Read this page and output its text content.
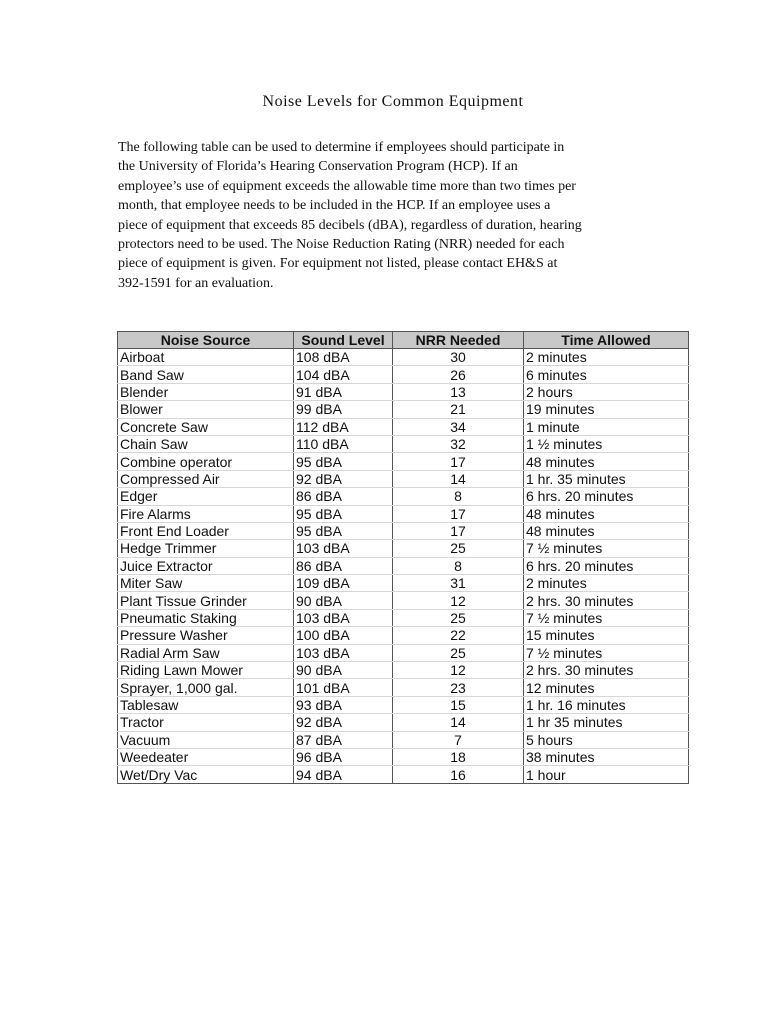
Noise Levels for Common Equipment

The following table can be used to determine if employees should participate in
the University of Florida’s Hearing Conservation Program (HCP). If an
employee’s use of equipment exceeds the allowable time more than two times per
month, that employee needs to be included in the HCP. If an employee uses a
piece of equipment that exceeds 85 decibels (dBA), regardless of duration, hearing
protectors need to be used. The Noise Reduction Rating (NRR) needed for each
piece of equipment is given. For equipment not listed, please contact EH&S at
392-1591 for an evaluation.

Noise Source	Sound Level	NRR Needed	Time Allowed
Airboat	108 dBA	30	2 minutes
Band Saw	104 dBA	26	6 minutes
Blender	91 dBA	13	2 hours
Blower	99 dBA	21	19 minutes
Concrete Saw	112 dBA	34	1 minute
Chain Saw	110 dBA	32	1 ½ minutes
Combine operator	95 dBA	17	48 minutes
Compressed Air	92 dBA	14	1 hr. 35 minutes
Edger	86 dBA	8	6 hrs. 20 minutes
Fire Alarms	95 dBA	17	48 minutes
Front End Loader	95 dBA	17	48 minutes
Hedge Trimmer	103 dBA	25	7 ½ minutes
Juice Extractor	86 dBA	8	6 hrs. 20 minutes
Miter Saw	109 dBA	31	2 minutes
Plant Tissue Grinder	90 dBA	12	2 hrs. 30 minutes
Pneumatic Staking	103 dBA	25	7 ½ minutes
Pressure Washer	100 dBA	22	15 minutes
Radial Arm Saw	103 dBA	25	7 ½ minutes
Riding Lawn Mower	90 dBA	12	2 hrs. 30 minutes
Sprayer, 1,000 gal.	101 dBA	23	12 minutes
Tablesaw	93 dBA	15	1 hr. 16 minutes
Tractor	92 dBA	14	1 hr 35 minutes
Vacuum	87 dBA	7	5 hours
Weedeater	96 dBA	18	38 minutes
Wet/Dry Vac	94 dBA	16	1 hour
